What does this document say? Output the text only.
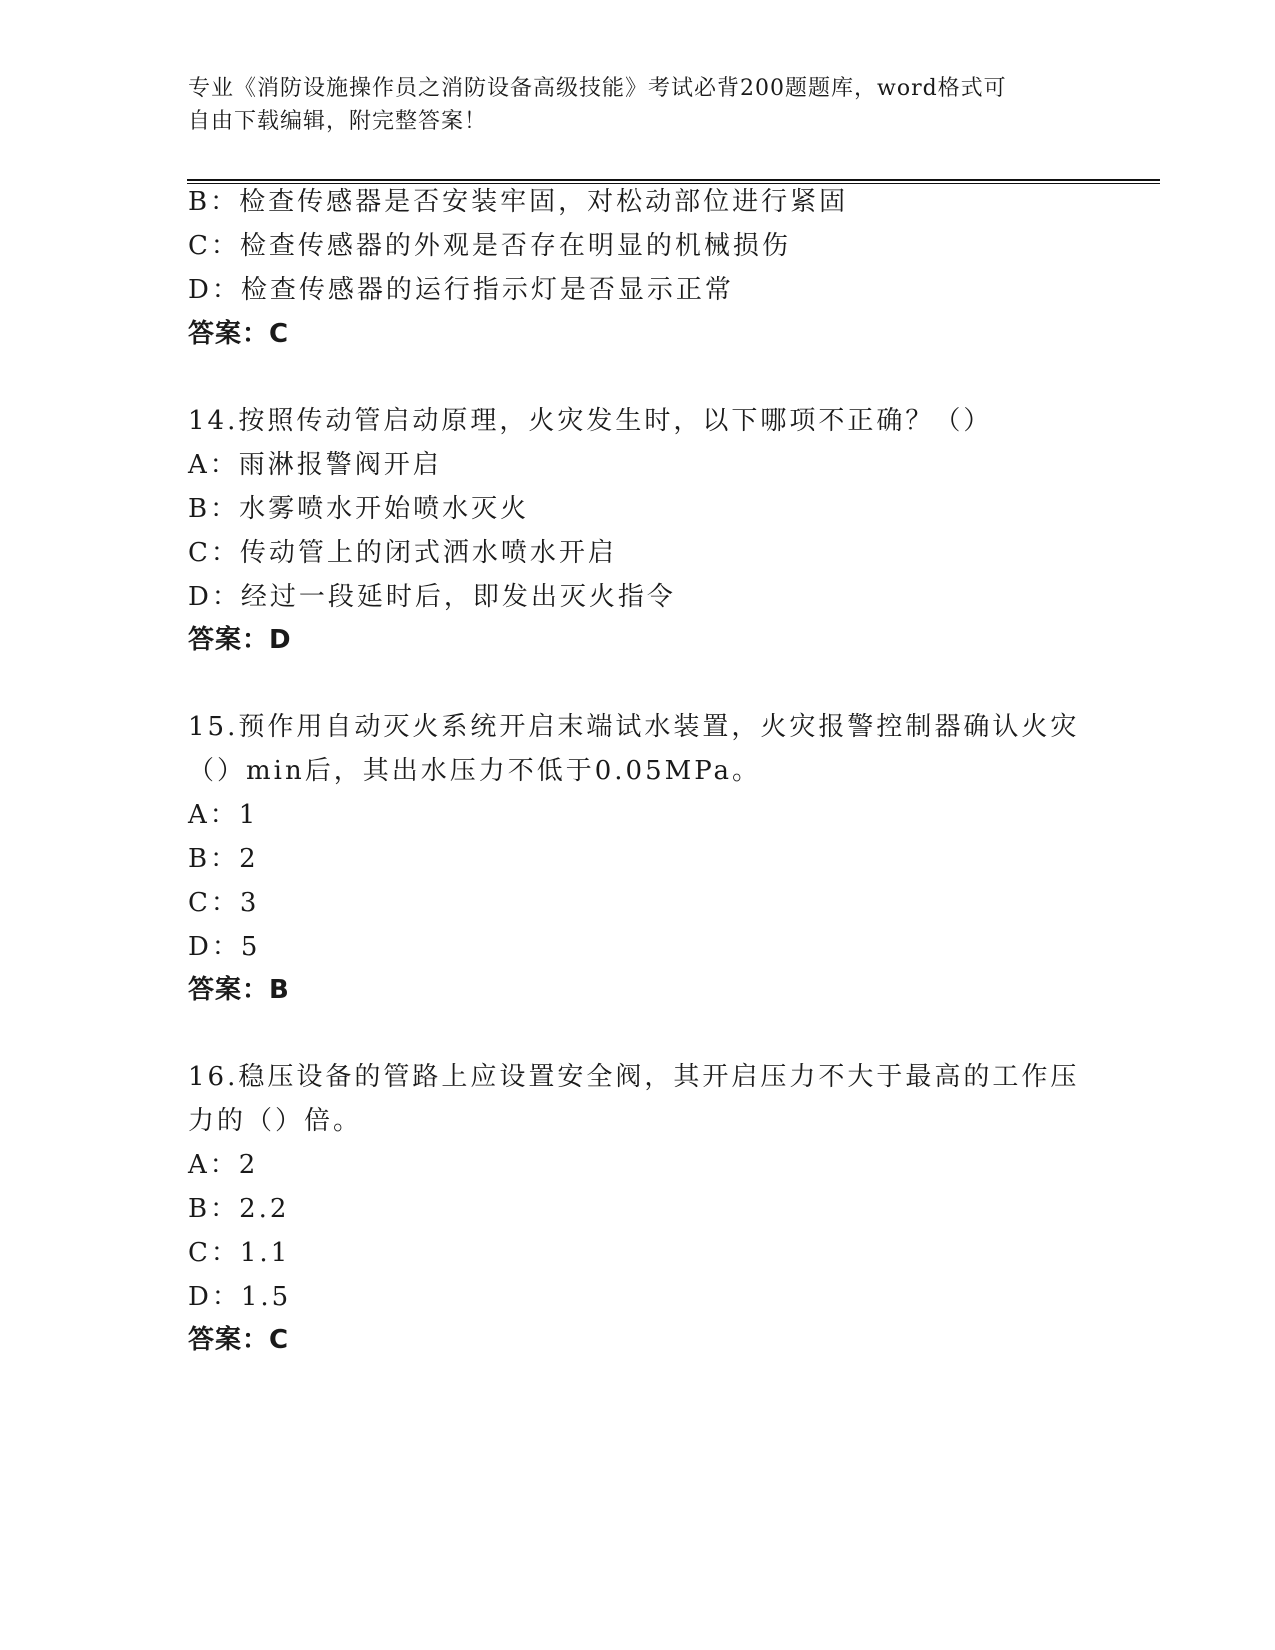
专业《消防设施操作员之消防设备高级技能》考试必背200题题库，word格式可
自由下载编辑，附完整答案！
B：检查传感器是否安装牢固，对松动部位进行紧固
C：检查传感器的外观是否存在明显的机械损伤
D：检查传感器的运行指示灯是否显示正常
答案：C
14.按照传动管启动原理，火灾发生时，以下哪项不正确？（）
A：雨淋报警阀开启
B：水雾喷水开始喷水灭火
C：传动管上的闭式洒水喷水开启
D：经过一段延时后，即发出灭火指令
答案：D
15.预作用自动灭火系统开启末端试水装置，火灾报警控制器确认火灾
（）min后，其出水压力不低于0.05MPa。
A：1
B：2
C：3
D：5
答案：B
16.稳压设备的管路上应设置安全阀，其开启压力不大于最高的工作压
力的（）倍。
A：2
B：2.2
C：1.1
D：1.5
答案：C
